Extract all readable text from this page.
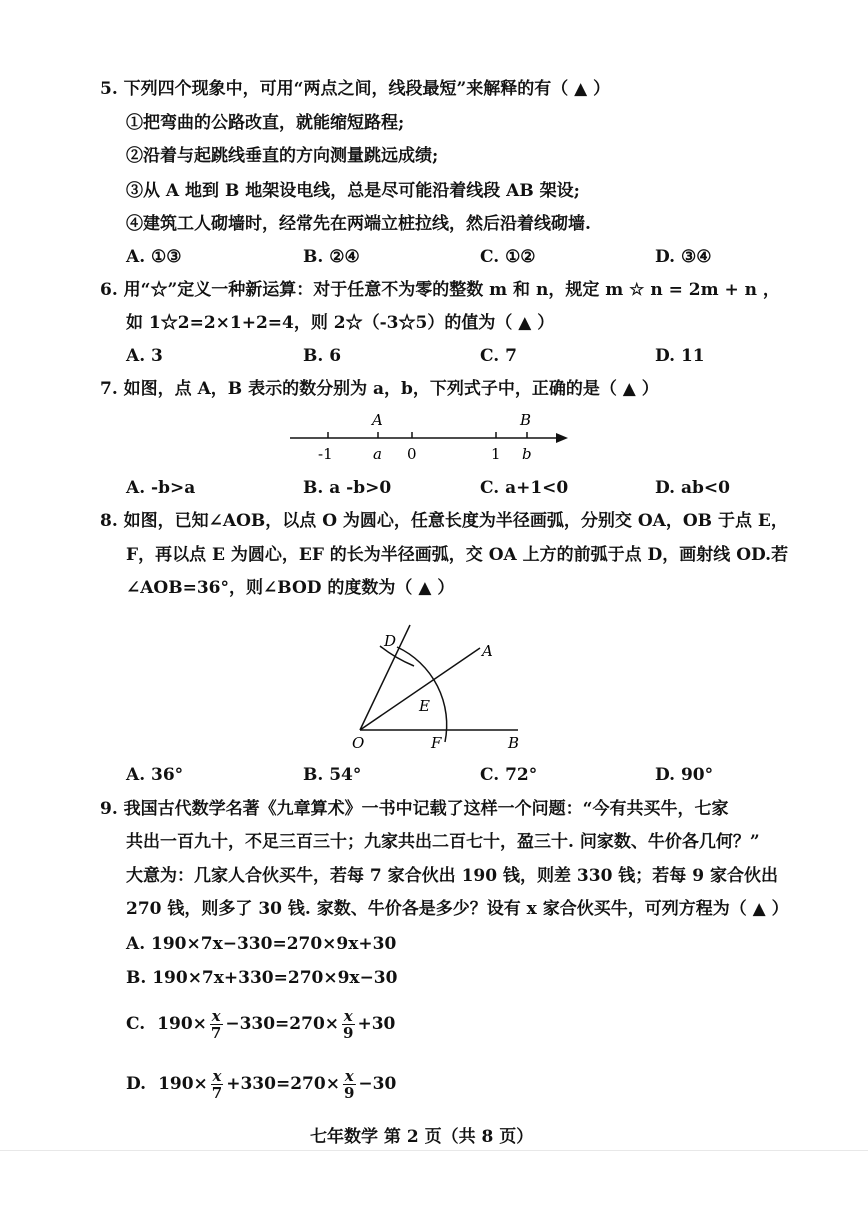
5. 下列四个现象中，可用“两点之间，线段最短”来解释的有（ ▲ ）
①把弯曲的公路改直，就能缩短路程;
②沿着与起跳线垂直的方向测量跳远成绩;
③从 A 地到 B 地架设电线，总是尽可能沿着线段 AB 架设;
④建筑工人砌墙时，经常先在两端立桩拉线，然后沿着线砌墙.
A. ①③	B. ②④	C. ①②	D. ③④
6. 用“☆”定义一种新运算：对于任意不为零的整数 m 和 n，规定 m ☆ n = 2m + n ，
如 1☆2=2×1+2=4，则 2☆（-3☆5）的值为（ ▲ ）
A. 3	B. 6	C. 7	D. 11
7. 如图，点 A，B 表示的数分别为 a，b，下列式子中，正确的是（ ▲ ）
A	B
-1	a 0	1 b
A. -b>a	B. a -b>0	C. a+1<0	D. ab<0
8. 如图，已知∠AOB，以点 O 为圆心，任意长度为半径画弧，分别交 OA，OB 于点 E，
F，再以点 E 为圆心，EF 的长为半径画弧，交 OA 上方的前弧于点 D，画射线 OD.若
∠AOB=36°，则∠BOD 的度数为（ ▲ ）
D
A
E
O	F	B
A. 36°	B. 54°	C. 72°	D. 90°
9. 我国古代数学名著《九章算术》一书中记载了这样一个问题：“今有共买牛，七家
共出一百九十，不足三百三十；九家共出二百七十，盈三十. 问家数、牛价各几何？”
大意为：几家人合伙买牛，若每 7 家合伙出 190 钱，则差 330 钱；若每 9 家合伙出
270 钱，则多了 30 钱. 家数、牛价各是多少？设有 x 家合伙买牛，可列方程为（ ▲ ）
A. 190×7x−330=270×9x+30
B. 190×7x+330=270×9x−30
C. $190\times \frac{x}{7} -330=270\times \frac{x}{9} +30$
D. $190\times \frac{x}{7} +330=270\times \frac{x}{9} -30$
七年数学 第 2 页（共 8 页）
